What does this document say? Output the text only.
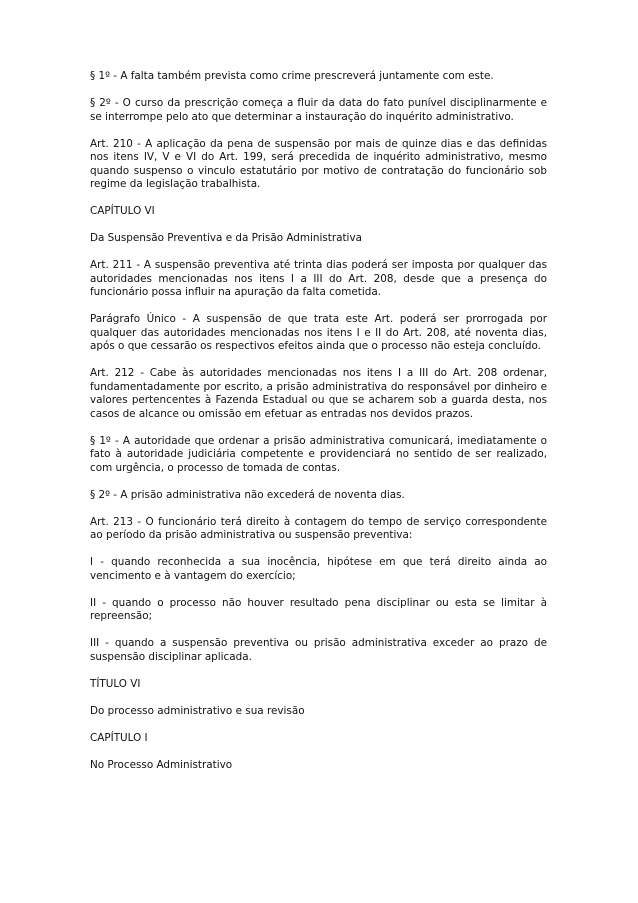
§ 1º - A falta também prevista como crime prescreverá juntamente com este.

§ 2º - O curso da prescrição começa a fluir da data do fato punível disciplinarmente e se interrompe pelo ato que determinar a instauração do inquérito administrativo.

Art. 210 - A aplicação da pena de suspensão por mais de quinze dias e das definidas nos itens IV, V e VI do Art. 199, será precedida de inquérito administrativo, mesmo quando suspenso o vinculo estatutário por motivo de contratação do funcionário sob regime da legislação trabalhista.

CAPÍTULO VI

Da Suspensão Preventiva e da Prisão Administrativa

Art. 211 - A suspensão preventiva até trinta dias poderá ser imposta por qualquer das autoridades mencionadas nos itens I a III do Art. 208, desde que a presença do funcionário possa influir na apuração da falta cometida.

Parágrafo Único - A suspensão de que trata este Art. poderá ser prorrogada por qualquer das autoridades mencionadas nos itens I e II do Art. 208, até noventa dias, após o que cessarão os respectivos efeitos ainda que o processo não esteja concluído.

Art. 212 - Cabe às autoridades mencionadas nos itens I a III do Art. 208 ordenar, fundamentadamente por escrito, a prisão administrativa do responsável por dinheiro e valores pertencentes à Fazenda Estadual ou que se acharem sob a guarda desta, nos casos de alcance ou omissão em efetuar as entradas nos devidos prazos.

§ 1º - A autoridade que ordenar a prisão administrativa comunicará, imediatamente o fato à autoridade judiciária competente e providenciará no sentido de ser realizado, com urgência, o processo de tomada de contas.

§ 2º - A prisão administrativa não excederá de noventa dias.

Art. 213 - O funcionário terá direito à contagem do tempo de serviço correspondente ao período da prisão administrativa ou suspensão preventiva:

I - quando reconhecida a sua inocência, hipótese em que terá direito ainda ao vencimento e à vantagem do exercício;

II - quando o processo não houver resultado pena disciplinar ou esta se limitar à repreensão;

III - quando a suspensão preventiva ou prisão administrativa exceder ao prazo de suspensão disciplinar aplicada.

TÍTULO VI

Do processo administrativo e sua revisão

CAPÍTULO I

No Processo Administrativo
